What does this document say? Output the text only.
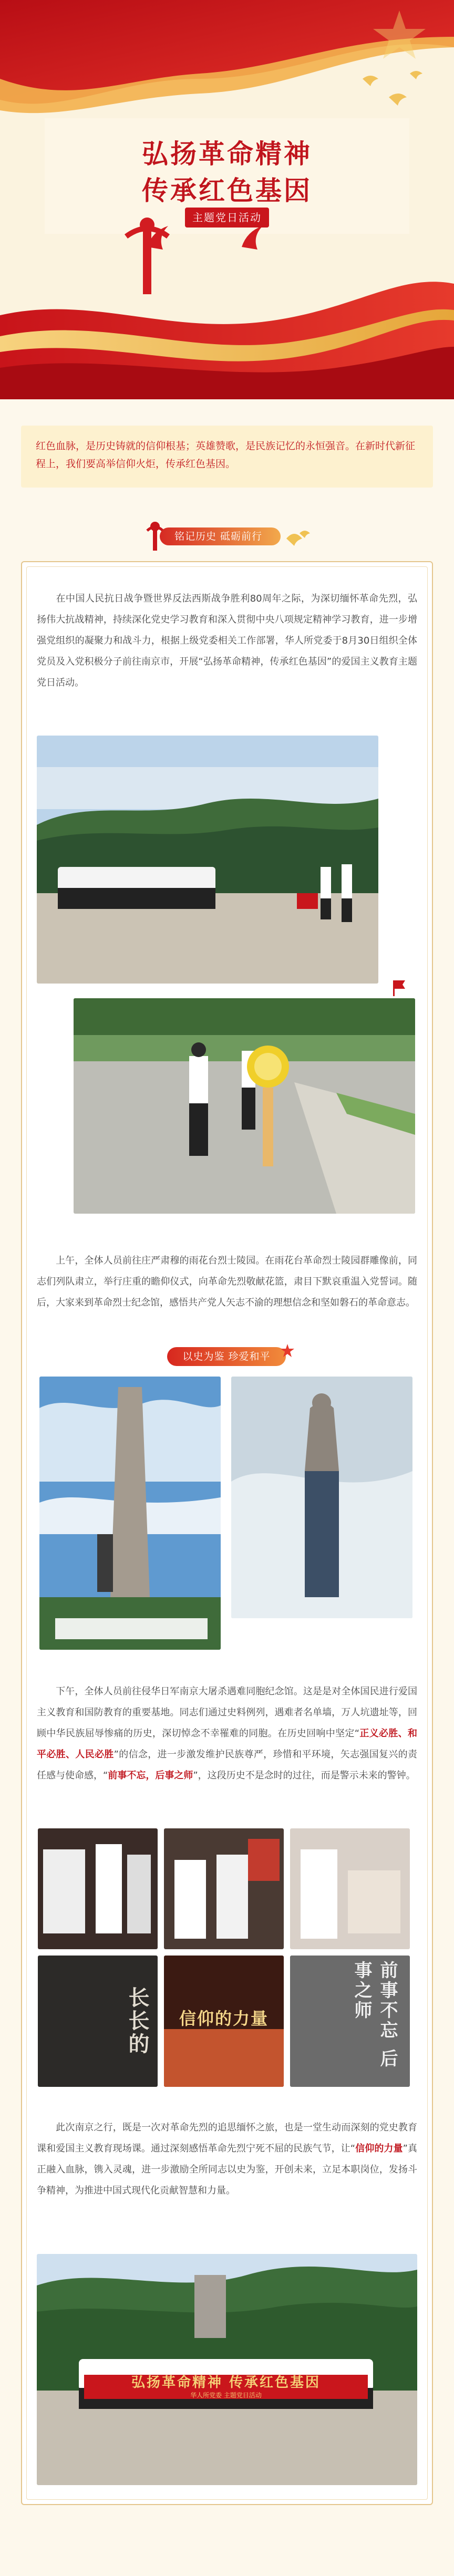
弘扬革命精神
传承红色基因
主题党日活动
红色血脉，是历史铸就的信仰根基；英雄赞歌，是民族记忆的永恒强音。在新时代新征程上，我们要高举信仰火炬，传承红色基因。
铭记历史 砥砺前行
在中国人民抗日战争暨世界反法西斯战争胜利80周年之际，为深切缅怀革命先烈，弘扬伟大抗战精神，持续深化党史学习教育和深入贯彻中央八项规定精神学习教育，进一步增强党组织的凝聚力和战斗力，根据上级党委相关工作部署，华人所党委于8月30日组织全体党员及入党积极分子前往南京市，开展“弘扬革命精神，传承红色基因”的爱国主义教育主题党日活动。
上午，全体人员前往庄严肃穆的雨花台烈士陵园。在雨花台革命烈士陵园群雕像前，同志们列队肃立，举行庄重的瞻仰仪式，向革命先烈敬献花篮，肃目下默哀重温入党誓词。随后，大家来到革命烈士纪念馆，感悟共产党人矢志不渝的理想信念和坚如磐石的革命意志。
以史为鉴 珍爱和平
下午，全体人员前往侵华日军南京大屠杀遇难同胞纪念馆。这是是对全体国民进行爱国主义教育和国防教育的重要基地。同志们通过史料例列，遇难者名单墙，万人坑遗址等，回顾中华民族屈辱惨痛的历史，深切悼念不幸罹难的同胞。在历史回响中坚定“正义必胜、和平必胜、人民必胜”的信念，进一步激发维护民族尊严，珍惜和平环境，矢志强国复兴的责任感与使命感，“前事不忘，后事之师”，这段历史不是念时的过往，而是警示未来的警钟。
长长的	信仰的力量	前事不忘 后事之师
此次南京之行，既是一次对革命先烈的追思缅怀之旅，也是一堂生动而深刻的党史教育课和爱国主义教育现场课。通过深刻感悟革命先烈宁死不屈的民族气节，让“信仰的力量”真正融入血脉，镌入灵魂，进一步激励全所同志以史为鉴，开创未来，立足本职岗位，发扬斗争精神，为推进中国式现代化贡献智慧和力量。
弘扬革命精神 传承红色基因
华人所党委 主题党日活动
